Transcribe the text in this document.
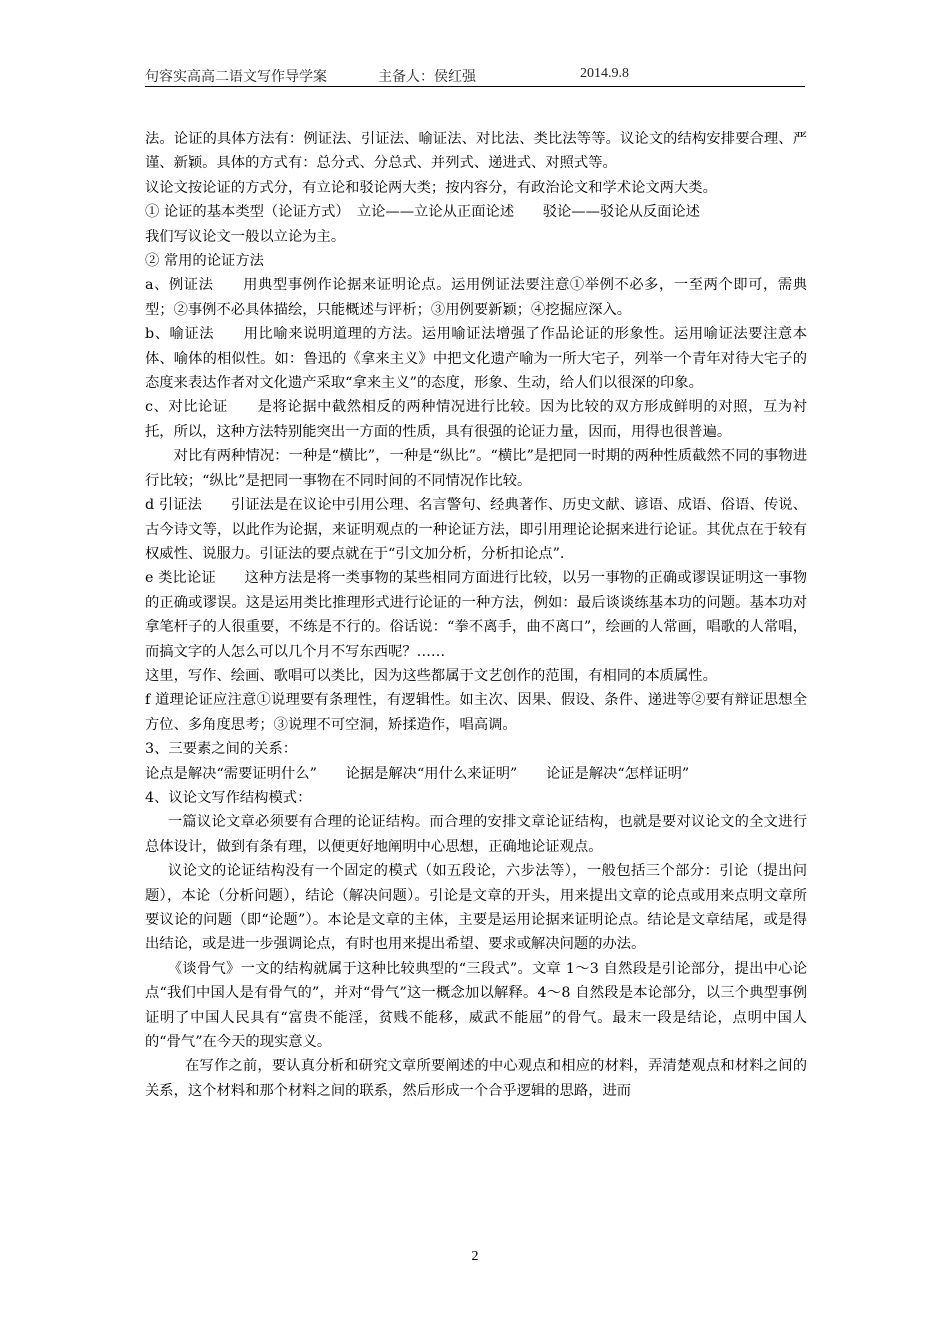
句容实高高二语文写作导学案	主备人：侯红强	2014.9.8

法。论证的具体方法有：例证法、引证法、喻证法、对比法、类比法等等。议论文的结构安排要合理、严谨、新颖。具体的方式有：总分式、分总式、并列式、递进式、对照式等。

议论文按论证的方式分，有立论和驳论两大类；按内容分，有政治论文和学术论文两大类。

① 论证的基本类型（论证方式）　立论——立论从正面论述　　驳论——驳论从反面论述

我们写议论文一般以立论为主。

② 常用的论证方法

a、例证法　　用典型事例作论据来证明论点。运用例证法要注意①举例不必多，一至两个即可，需典型；②事例不必具体描绘，只能概述与评析；③用例要新颖；④挖掘应深入。

b、喻证法　　用比喻来说明道理的方法。运用喻证法增强了作品论证的形象性。运用喻证法要注意本体、喻体的相似性。如：鲁迅的《拿来主义》中把文化遗产喻为一所大宅子，列举一个青年对待大宅子的态度来表达作者对文化遗产采取“拿来主义”的态度，形象、生动，给人们以很深的印象。

c、对比论证　　是将论据中截然相反的两种情况进行比较。因为比较的双方形成鲜明的对照，互为衬托，所以，这种方法特别能突出一方面的性质，具有很强的论证力量，因而，用得也很普遍。

对比有两种情况：一种是“横比”，一种是“纵比”。“横比”是把同一时期的两种性质截然不同的事物进行比较；“纵比”是把同一事物在不同时间的不同情况作比较。

d 引证法　　引证法是在议论中引用公理、名言警句、经典著作、历史文献、谚语、成语、俗语、传说、古今诗文等，以此作为论据，来证明观点的一种论证方法，即引用理论论据来进行论证。其优点在于较有权威性、说服力。引证法的要点就在于“引文加分析，分析扣论点”.

e 类比论证　　这种方法是将一类事物的某些相同方面进行比较，以另一事物的正确或谬误证明这一事物的正确或谬误。这是运用类比推理形式进行论证的一种方法，例如：最后谈谈练基本功的问题。基本功对拿笔杆子的人很重要，不练是不行的。俗话说：“拳不离手，曲不离口”，绘画的人常画，唱歌的人常唱，而搞文字的人怎么可以几个月不写东西呢？……

这里，写作、绘画、歌唱可以类比，因为这些都属于文艺创作的范围，有相同的本质属性。

f 道理论证应注意①说理要有条理性，有逻辑性。如主次、因果、假设、条件、递进等②要有辩证思想全方位、多角度思考；③说理不可空洞，矫揉造作，唱高调。

3、三要素之间的关系：

论点是解决“需要证明什么”　　论据是解决“用什么来证明”　　论证是解决“怎样证明”

4、议论文写作结构模式：

一篇议论文章必须要有合理的论证结构。而合理的安排文章论证结构，也就是要对议论文的全文进行总体设计，做到有条有理，以便更好地阐明中心思想，正确地论证观点。

议论文的论证结构没有一个固定的模式（如五段论，六步法等），一般包括三个部分：引论（提出问题），本论（分析问题），结论（解决问题）。引论是文章的开头，用来提出文章的论点或用来点明文章所要议论的问题（即“论题”）。本论是文章的主体，主要是运用论据来证明论点。结论是文章结尾，或是得出结论，或是进一步强调论点，有时也用来提出希望、要求或解决问题的办法。

《谈骨气》一文的结构就属于这种比较典型的“三段式”。文章 1～3 自然段是引论部分，提出中心论点“我们中国人是有骨气的”，并对“骨气”这一概念加以解释。4～8 自然段是本论部分，以三个典型事例证明了中国人民具有“富贵不能淫，贫贱不能移，威武不能屈”的骨气。最末一段是结论，点明中国人的“骨气”在今天的现实意义。

在写作之前，要认真分析和研究文章所要阐述的中心观点和相应的材料，弄清楚观点和材料之间的关系，这个材料和那个材料之间的联系，然后形成一个合乎逻辑的思路，进而

2
